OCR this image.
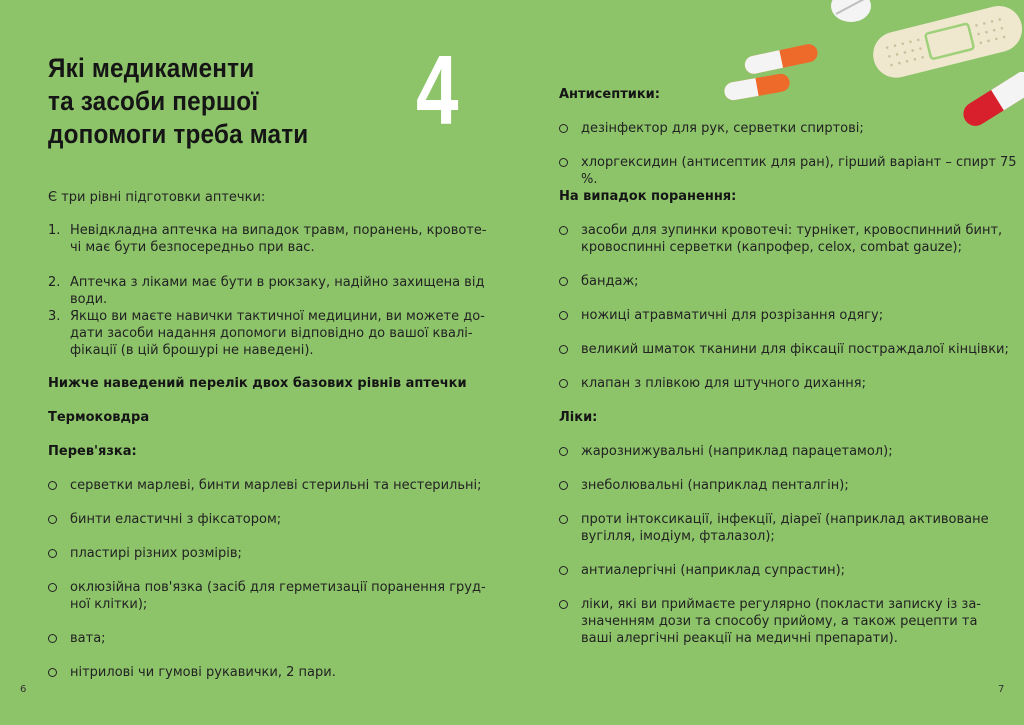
Які медикаменти
та засоби першої
допомоги треба мати	4
Є три рівні підготовки аптечки:
1. Невідкладна аптечка на випадок травм, поранень, кровоте-
чі має бути безпосередньо при вас.
2. Аптечка з ліками має бути в рюкзаку, надійно захищена від води.
3. Якщо ви маєте навички тактичної медицини, ви можете до-
дати засоби надання допомоги відповідно до вашої квалі-
фікації (в цій брошурі не наведені).
Нижче наведений перелік двох базових рівнів аптечки
Термоковдра
Перев'язка:
серветки марлеві, бинти марлеві стерильні та нестерильні;
бинти еластичні з фіксатором;
пластирі різних розмірів;
оклюзійна пов'язка (засіб для герметизації поранення груд-
ної клітки);
вата;
нітрилові чи гумові рукавички, 2 пари.
6
Антисептики:
дезінфектор для рук, серветки спиртові;
хлоргексидин (антисептик для ран), гірший варіант – спирт 75 %.
На випадок поранення:
засоби для зупинки кровотечі: турнікет, кровоспинний бинт,
кровоспинні серветки (капрофер, celox, combat gauze);
бандаж;
ножиці атравматичні для розрізання одягу;
великий шматок тканини для фіксації постраждалої кінцівки;
клапан з плівкою для штучного дихання;
Ліки:
жарознижувальні (наприклад парацетамол);
знеболювальні (наприклад пенталгін);
проти інтоксикації, інфекції, діареї (наприклад активоване
вугілля, імодіум, фталазол);
антиалергічні (наприклад супрастин);
ліки, які ви приймаєте регулярно (покласти записку із за-
значенням дози та способу прийому, а також рецепти та
ваші алергічні реакції на медичні препарати).
7
